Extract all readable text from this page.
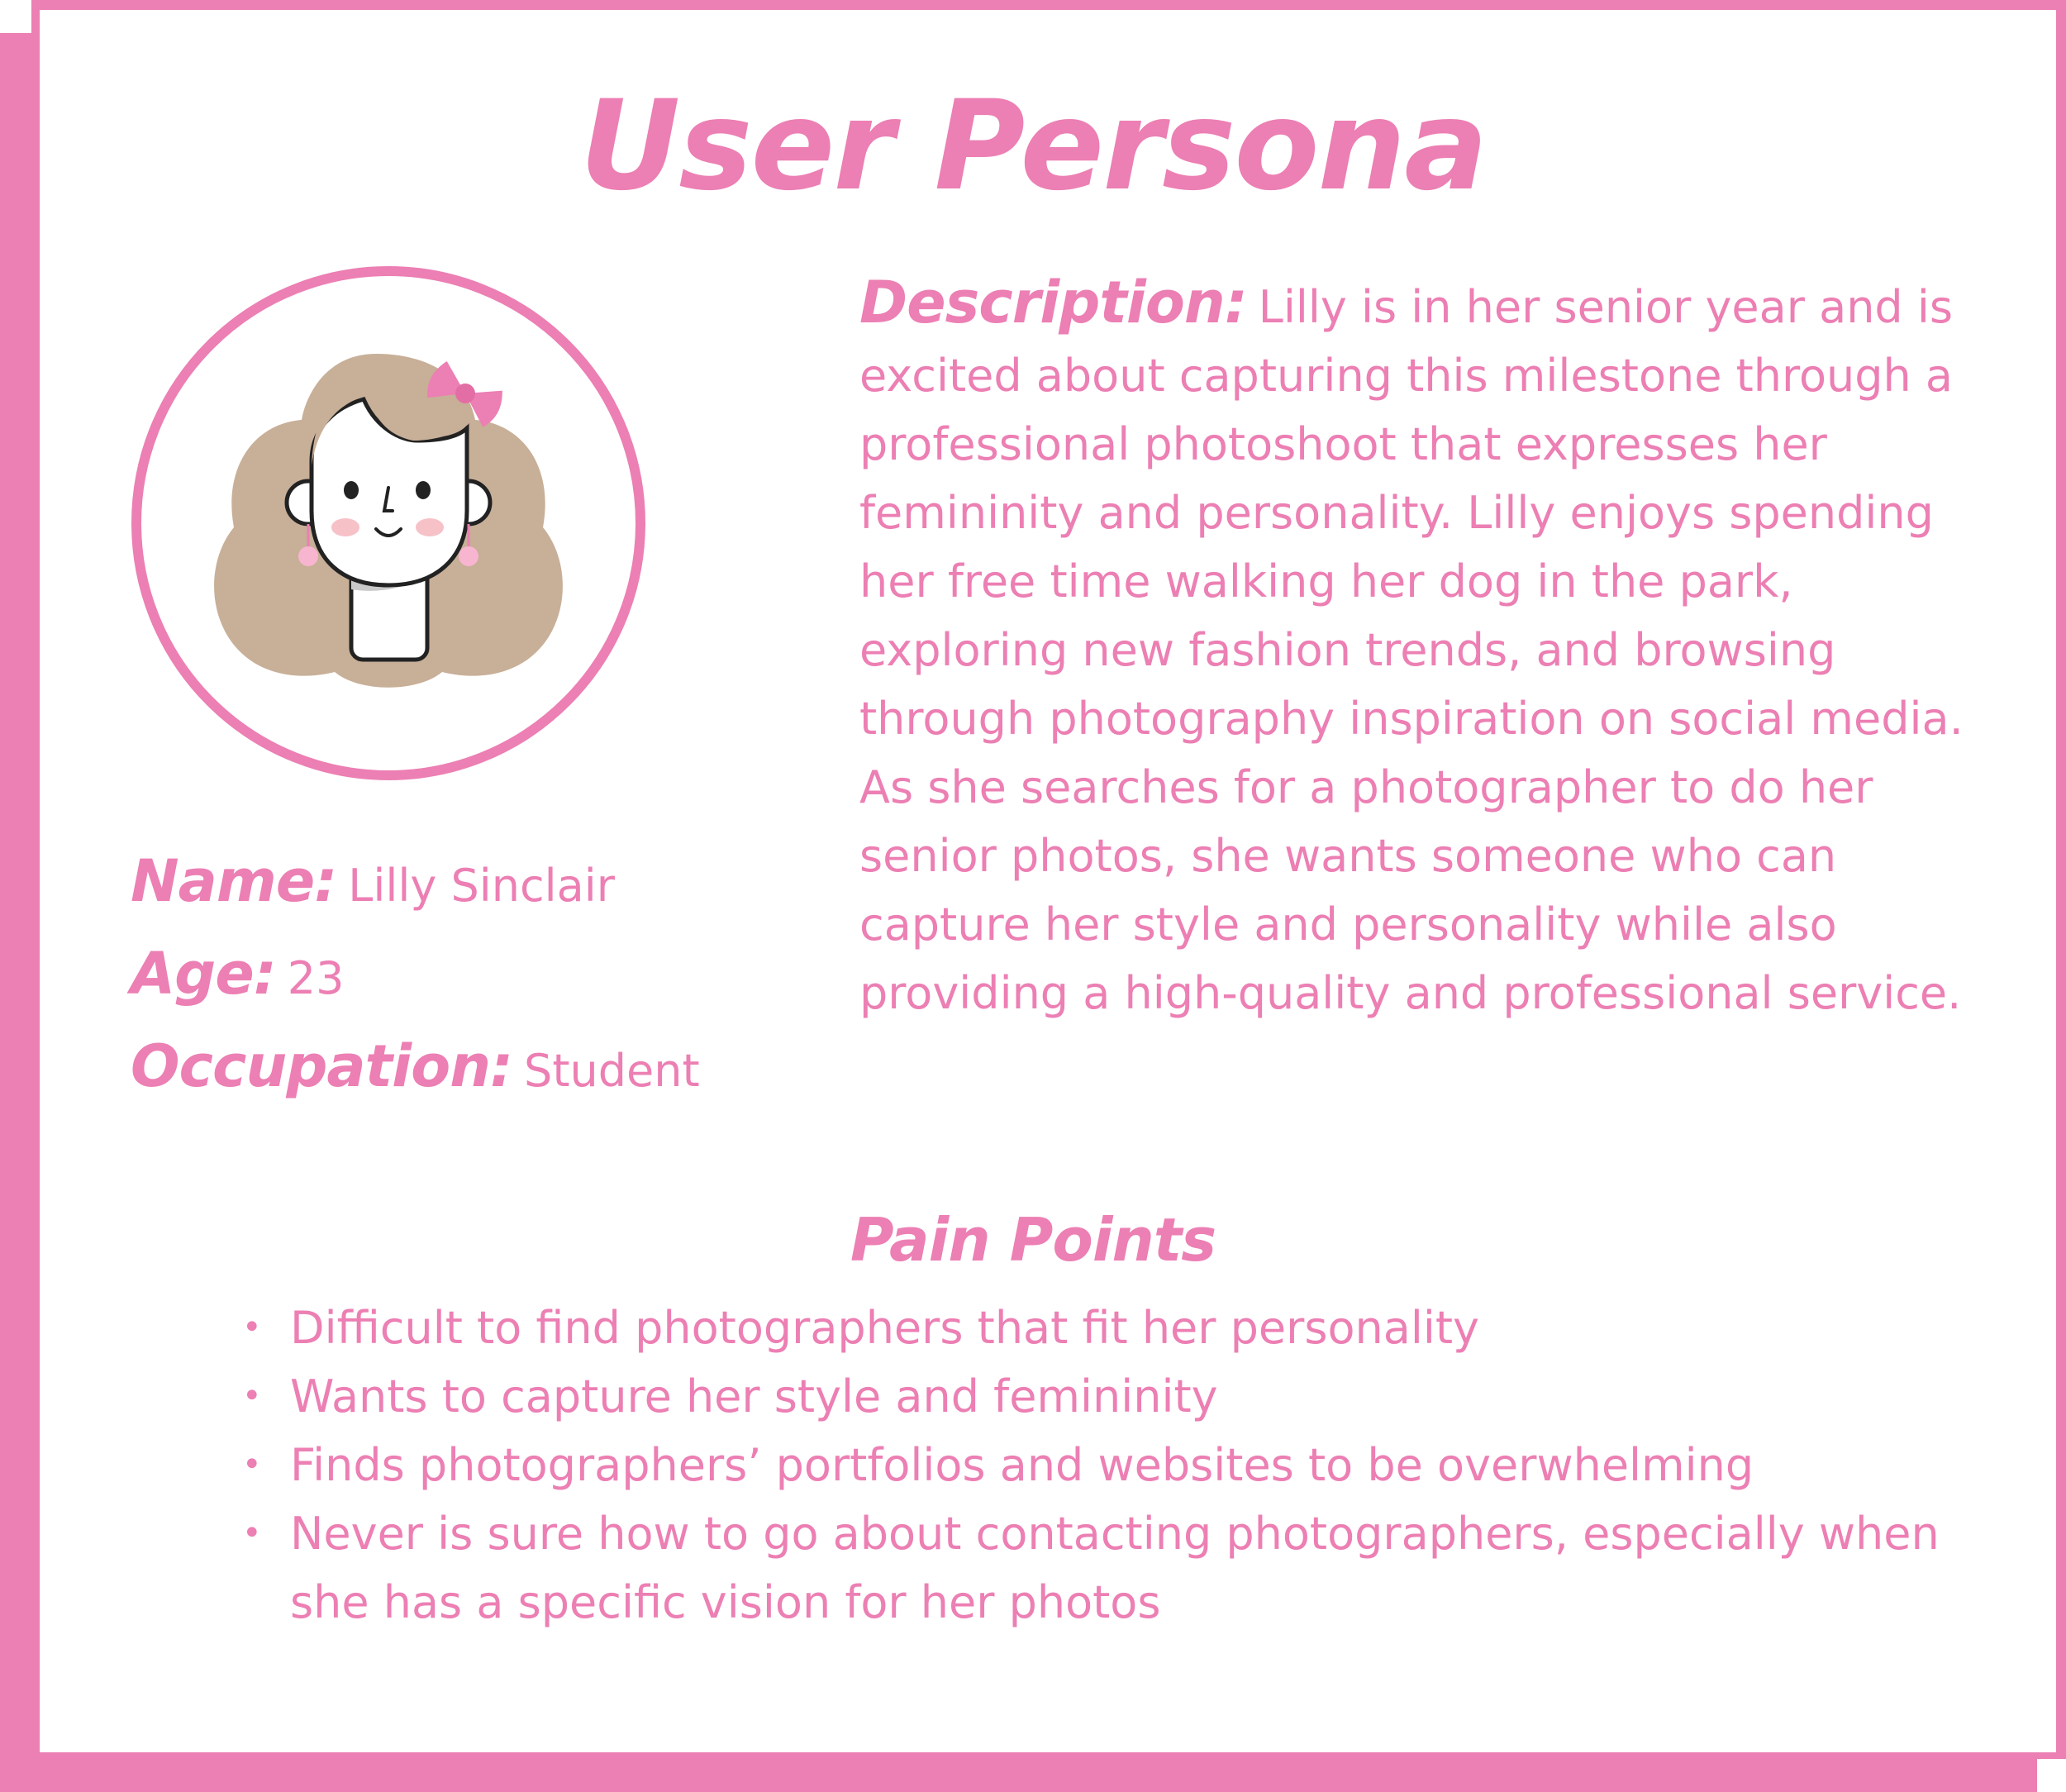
User Persona
Name: Lilly Sinclair
Age: 23
Occupation: Student
Description: Lilly is in her senior year and is excited about capturing this milestone through a professional photoshoot that expresses her femininity and personality. Lilly enjoys spending her free time walking her dog in the park, exploring new fashion trends, and browsing through photography inspiration on social media. As she searches for a photographer to do her senior photos, she wants someone who can capture her style and personality while also providing a high-quality and professional service.
Pain Points
• Difficult to find photographers that fit her personality
• Wants to capture her style and femininity
• Finds photographers’ portfolios and websites to be overwhelming
• Never is sure how to go about contacting photographers, especially when she has a specific vision for her photos
